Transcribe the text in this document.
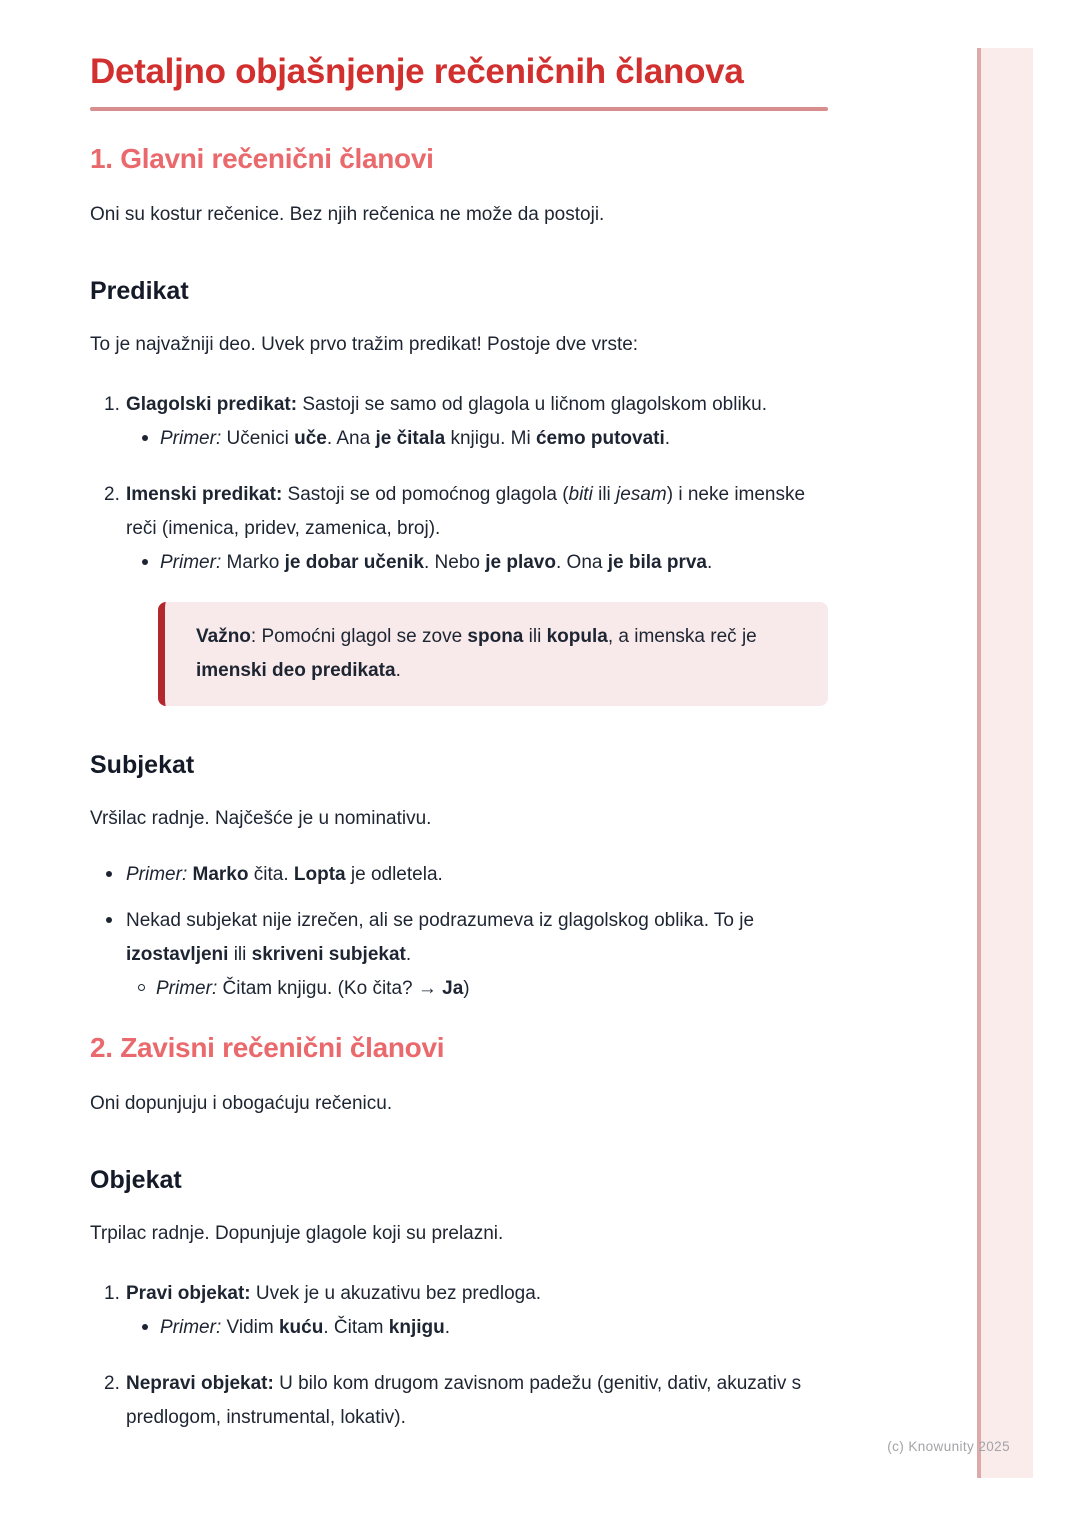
Detaljno objašnjenje rečeničnih članova
1. Glavni rečenični članovi

Oni su kostur rečenice. Bez njih rečenica ne može da postoji.

Predikat

To je najvažniji deo. Uvek prvo tražim predikat! Postoje dve vrste:

1. Glagolski predikat: Sastoji se samo od glagola u ličnom glagolskom obliku.
Primer: Učenici uče. Ana je čitala knjigu. Mi ćemo putovati.
2. Imenski predikat: Sastoji se od pomoćnog glagola (biti ili jesam) i neke imenske reči (imenica, pridev, zamenica, broj).
Primer: Marko je dobar učenik. Nebo je plavo. Ona je bila prva.
Važno: Pomoćni glagol se zove spona ili kopula, a imenska reč je imenski deo predikata.
Subjekat

Vršilac radnje. Najčešće je u nominativu.

Primer: Marko čita. Lopta je odletela.
Nekad subjekat nije izrečen, ali se podrazumeva iz glagolskog oblika. To je izostavljeni ili skriveni subjekat.
Primer: Čitam knjigu. (Ko čita? → Ja)
2. Zavisni rečenični članovi

Oni dopunjuju i obogaćuju rečenicu.

Objekat

Trpilac radnje. Dopunjuje glagole koji su prelazni.

1. Pravi objekat: Uvek je u akuzativu bez predloga.
Primer: Vidim kuću. Čitam knjigu.
2. Nepravi objekat: U bilo kom drugom zavisnom padežu (genitiv, dativ, akuzativ s predlogom, instrumental, lokativ).
(c) Knowunity 2025
